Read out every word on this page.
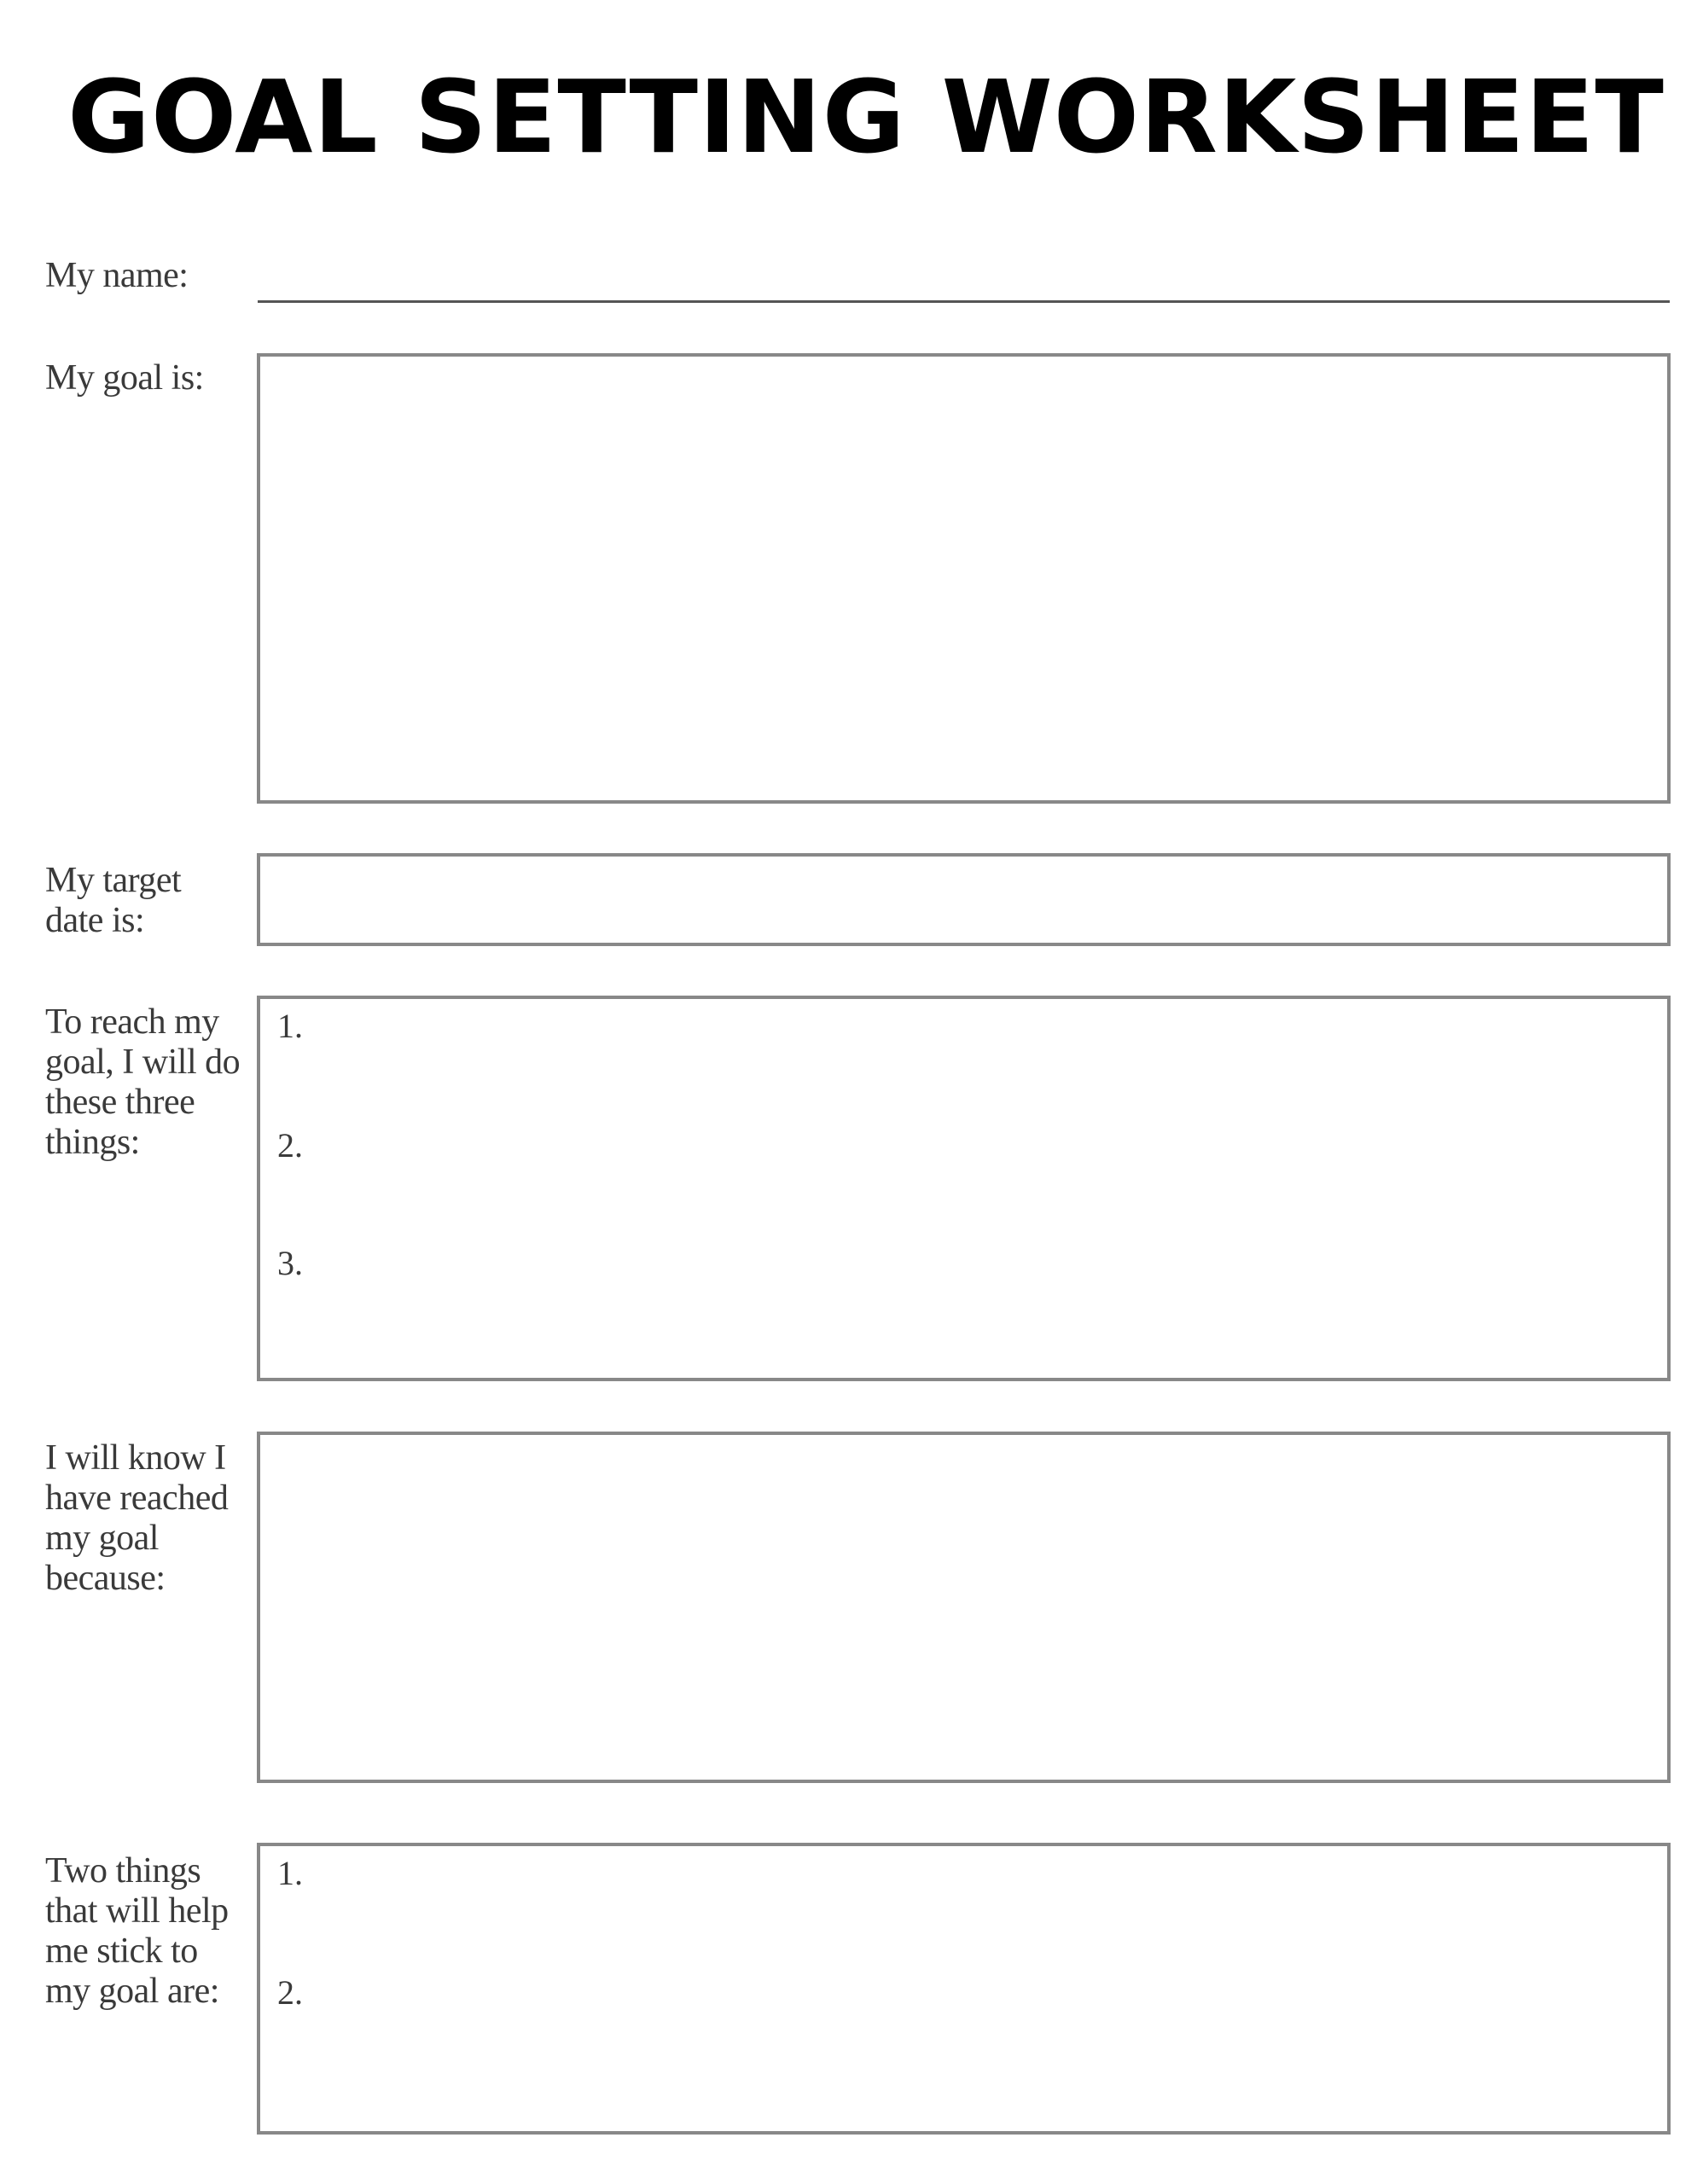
GOAL SETTING WORKSHEET
My name:
My goal is:
My target
date is:
To reach my
goal, I will do
these three
things:
1.
2.
3.
I will know I
have reached
my goal
because:
Two things
that will help
me stick to
my goal are:
1.
2.
